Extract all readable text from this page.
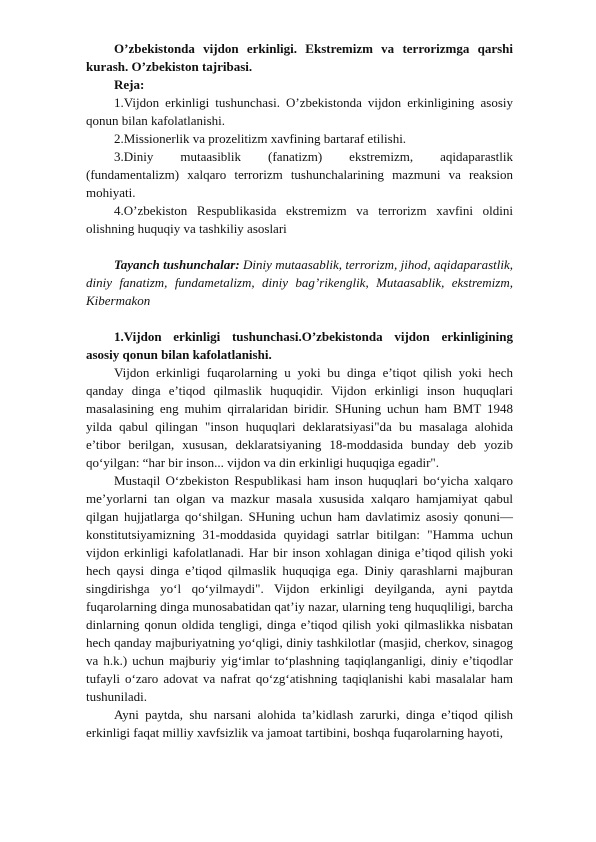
O’zbekistonda vijdon erkinligi. Ekstremizm va terrorizmga qarshi kurash. O’zbekiston tajribasi.

Reja:

1.Vijdon erkinligi tushunchasi. O’zbekistonda vijdon erkinligining asosiy qonun bilan kafolatlanishi.

2.Missionerlik va prozelitizm xavfining bartaraf etilishi.

3.Diniy mutaasiblik (fanatizm) ekstremizm, aqidaparastlik (fundamentalizm) xalqaro terrorizm tushunchalarining mazmuni va reaksion mohiyati.

4.O’zbekiston Respublikasida ekstremizm va terrorizm xavfini oldini olishning huquqiy va tashkiliy asoslari

Tayanch tushunchalar: Diniy mutaasablik, terrorizm, jihod, aqidaparastlik, diniy fanatizm, fundametalizm, diniy bag’rikenglik, Mutaasablik, ekstremizm, Kibermakon

1.Vijdon erkinligi tushunchasi.O’zbekistonda vijdon erkinligining asosiy qonun bilan kafolatlanishi.

Vijdon erkinligi fuqarolarning u yoki bu dinga e’tiqot qilish yoki hech qanday dinga e’tiqod qilmaslik huquqidir. Vijdon erkinligi inson huquqlari masalasining eng muhim qirralaridan biridir. SHuning uchun ham BMT 1948 yilda qabul qilingan "inson huquqlari deklaratsiyasi"da bu masalaga alohida e’tibor berilgan, xususan, deklaratsiyaning 18-moddasida bunday deb yozib qo‘yilgan: “har bir inson... vijdon va din erkinligi huquqiga egadir".

Mustaqil O‘zbekiston Respublikasi ham inson huquqlari bo‘yicha xalqaro me’yorlarni tan olgan va mazkur masala xususida xalqaro hamjamiyat qabul qilgan hujjatlarga qo‘shilgan. SHuning uchun ham davlatimiz asosiy qonuni—konstitutsiyamizning 31-moddasida quyidagi satrlar bitilgan: "Hamma uchun vijdon erkinligi kafolatlanadi. Har bir inson xohlagan diniga e’tiqod qilish yoki hech qaysi dinga e’tiqod qilmaslik huquqiga ega. Diniy qarashlarni majburan singdirishga yo‘l qo‘yilmaydi". Vijdon erkinligi deyilganda, ayni paytda fuqarolarning dinga munosabatidan qat’iy nazar, ularning teng huquqliligi, barcha dinlarning qonun oldida tengligi, dinga e’tiqod qilish yoki qilmaslikka nisbatan hech qanday majburiyatning yo‘qligi, diniy tashkilotlar (masjid, cherkov, sinagog va h.k.) uchun majburiy yig‘imlar to‘plashning taqiqlanganligi, diniy e’tiqodlar tufayli o‘zaro adovat va nafrat qo‘zg‘atishning taqiqlanishi kabi masalalar ham tushuniladi.

Ayni paytda, shu narsani alohida ta’kidlash zarurki, dinga e’tiqod qilish erkinligi faqat milliy xavfsizlik va jamoat tartibini, boshqa fuqarolarning hayoti,
